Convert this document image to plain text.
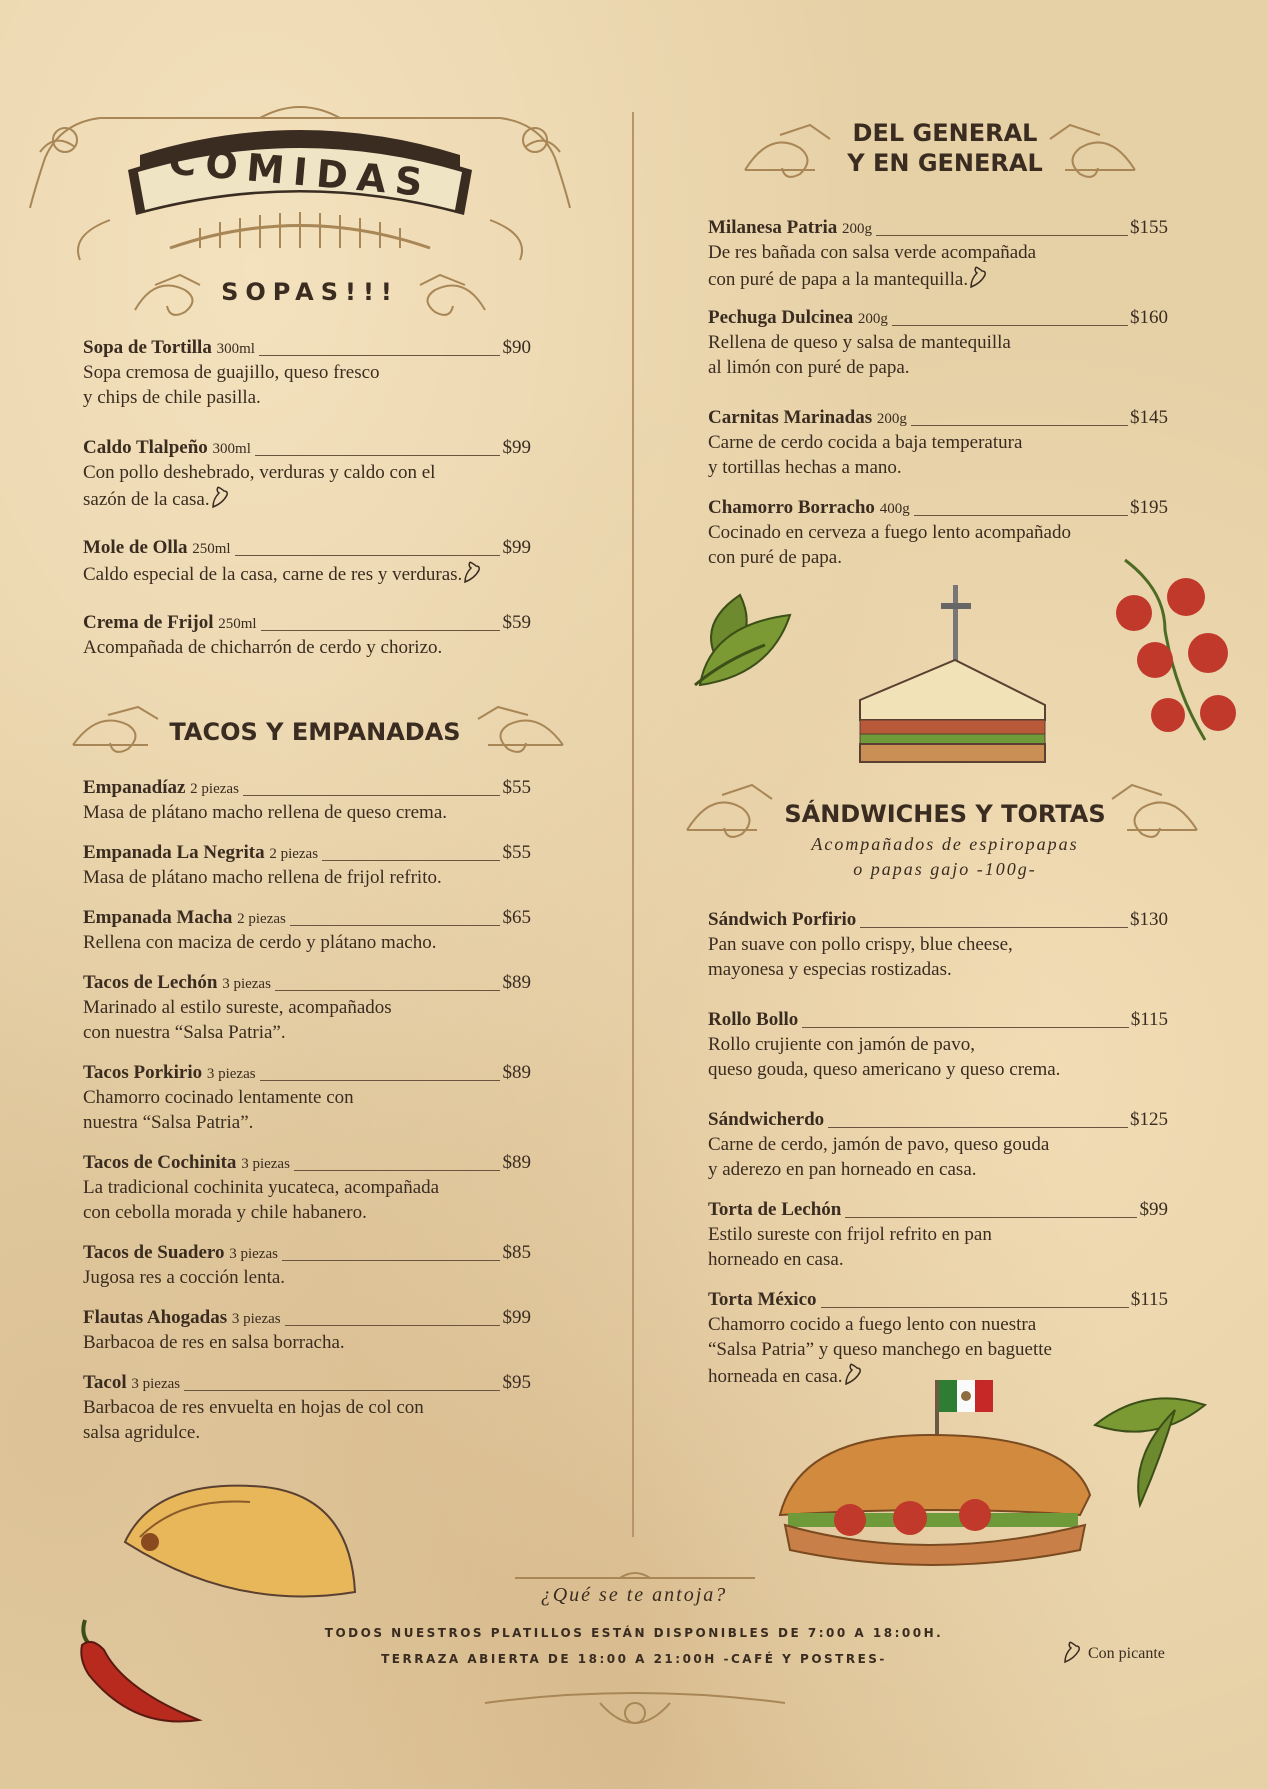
COMIDAS
SOPAS!!!
TACOS Y EMPANADAS
DEL GENERAL
Y EN GENERAL
SÁNDWICHES Y TORTAS
Acompañados de espiropapas
o papas gajo -100g-
Sopa de Tortilla 300ml	$90
Sopa cremosa de guajillo, queso fresco
y chips de chile pasilla.
Caldo Tlalpeño 300ml	$99
Con pollo deshebrado, verduras y caldo con el
sazón de la casa.
Mole de Olla 250ml	$99
Caldo especial de la casa, carne de res y verduras.
Crema de Frijol 250ml	$59
Acompañada de chicharrón de cerdo y chorizo.
Empanadíaz 2 piezas	$55
Masa de plátano macho rellena de queso crema.
Empanada La Negrita 2 piezas	$55
Masa de plátano macho rellena de frijol refrito.
Empanada Macha 2 piezas	$65
Rellena con maciza de cerdo y plátano macho.
Tacos de Lechón 3 piezas	$89
Marinado al estilo sureste, acompañados
con nuestra “Salsa Patria”.
Tacos Porkirio 3 piezas	$89
Chamorro cocinado lentamente con
nuestra “Salsa Patria”.
Tacos de Cochinita 3 piezas	$89
La tradicional cochinita yucateca, acompañada
con cebolla morada y chile habanero.
Tacos de Suadero 3 piezas	$85
Jugosa res a cocción lenta.
Flautas Ahogadas 3 piezas	$99
Barbacoa de res en salsa borracha.
Tacol 3 piezas	$95
Barbacoa de res envuelta en hojas de col con
salsa agridulce.
Milanesa Patria 200g	$155
De res bañada con salsa verde acompañada
con puré de papa a la mantequilla.
Pechuga Dulcinea 200g	$160
Rellena de queso y salsa de mantequilla
al limón con puré de papa.
Carnitas Marinadas 200g	$145
Carne de cerdo cocida a baja temperatura
y tortillas hechas a mano.
Chamorro Borracho 400g	$195
Cocinado en cerveza a fuego lento acompañado
con puré de papa.
Sándwich Porfirio	$130
Pan suave con pollo crispy, blue cheese,
mayonesa y especias rostizadas.
Rollo Bollo	$115
Rollo crujiente con jamón de pavo,
queso gouda, queso americano y queso crema.
Sándwicherdo	$125
Carne de cerdo, jamón de pavo, queso gouda
y aderezo en pan horneado en casa.
Torta de Lechón	$99
Estilo sureste con frijol refrito en pan
horneado en casa.
Torta México	$115
Chamorro cocido a fuego lento con nuestra
“Salsa Patria” y queso manchego en baguette
horneada en casa.
¿Qué se te antoja?
TODOS NUESTROS PLATILLOS ESTÁN DISPONIBLES DE 7:00 A 18:00H.
TERRAZA ABIERTA DE 18:00 A 21:00H -CAFÉ Y POSTRES-	Con picante
